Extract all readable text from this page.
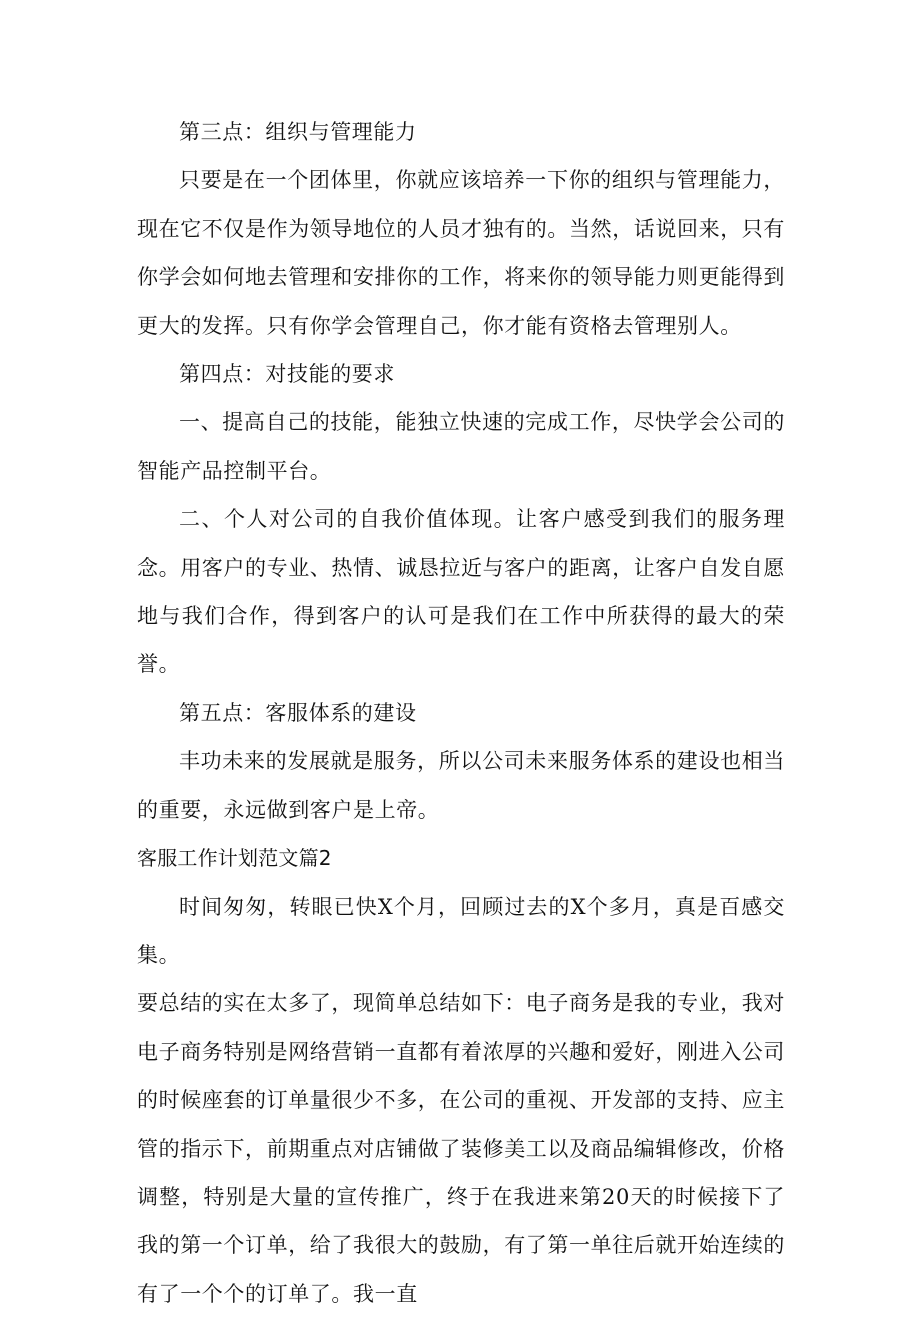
第三点：组织与管理能力

只要是在一个团体里，你就应该培养一下你的组织与管理能力，现在它不仅是作为领导地位的人员才独有的。当然，话说回来，只有你学会如何地去管理和安排你的工作，将来你的领导能力则更能得到更大的发挥。只有你学会管理自己，你才能有资格去管理别人。

第四点：对技能的要求

一、提高自己的技能，能独立快速的完成工作，尽快学会公司的智能产品控制平台。

二、个人对公司的自我价值体现。让客户感受到我们的服务理念。用客户的专业、热情、诚恳拉近与客户的距离，让客户自发自愿地与我们合作，得到客户的认可是我们在工作中所获得的最大的荣誉。

第五点：客服体系的建设

丰功未来的发展就是服务，所以公司未来服务体系的建设也相当的重要，永远做到客户是上帝。

客服工作计划范文篇2

时间匆匆，转眼已快X个月，回顾过去的X个多月，真是百感交集。

要总结的实在太多了，现简单总结如下：电子商务是我的专业，我对电子商务特别是网络营销一直都有着浓厚的兴趣和爱好，刚进入公司的时候座套的订单量很少不多，在公司的重视、开发部的支持、应主管的指示下，前期重点对店铺做了装修美工以及商品编辑修改，价格调整，特别是大量的宣传推广，终于在我进来第20天的时候接下了我的第一个订单，给了我很大的鼓励，有了第一单往后就开始连续的有了一个个的订单了。我一直
